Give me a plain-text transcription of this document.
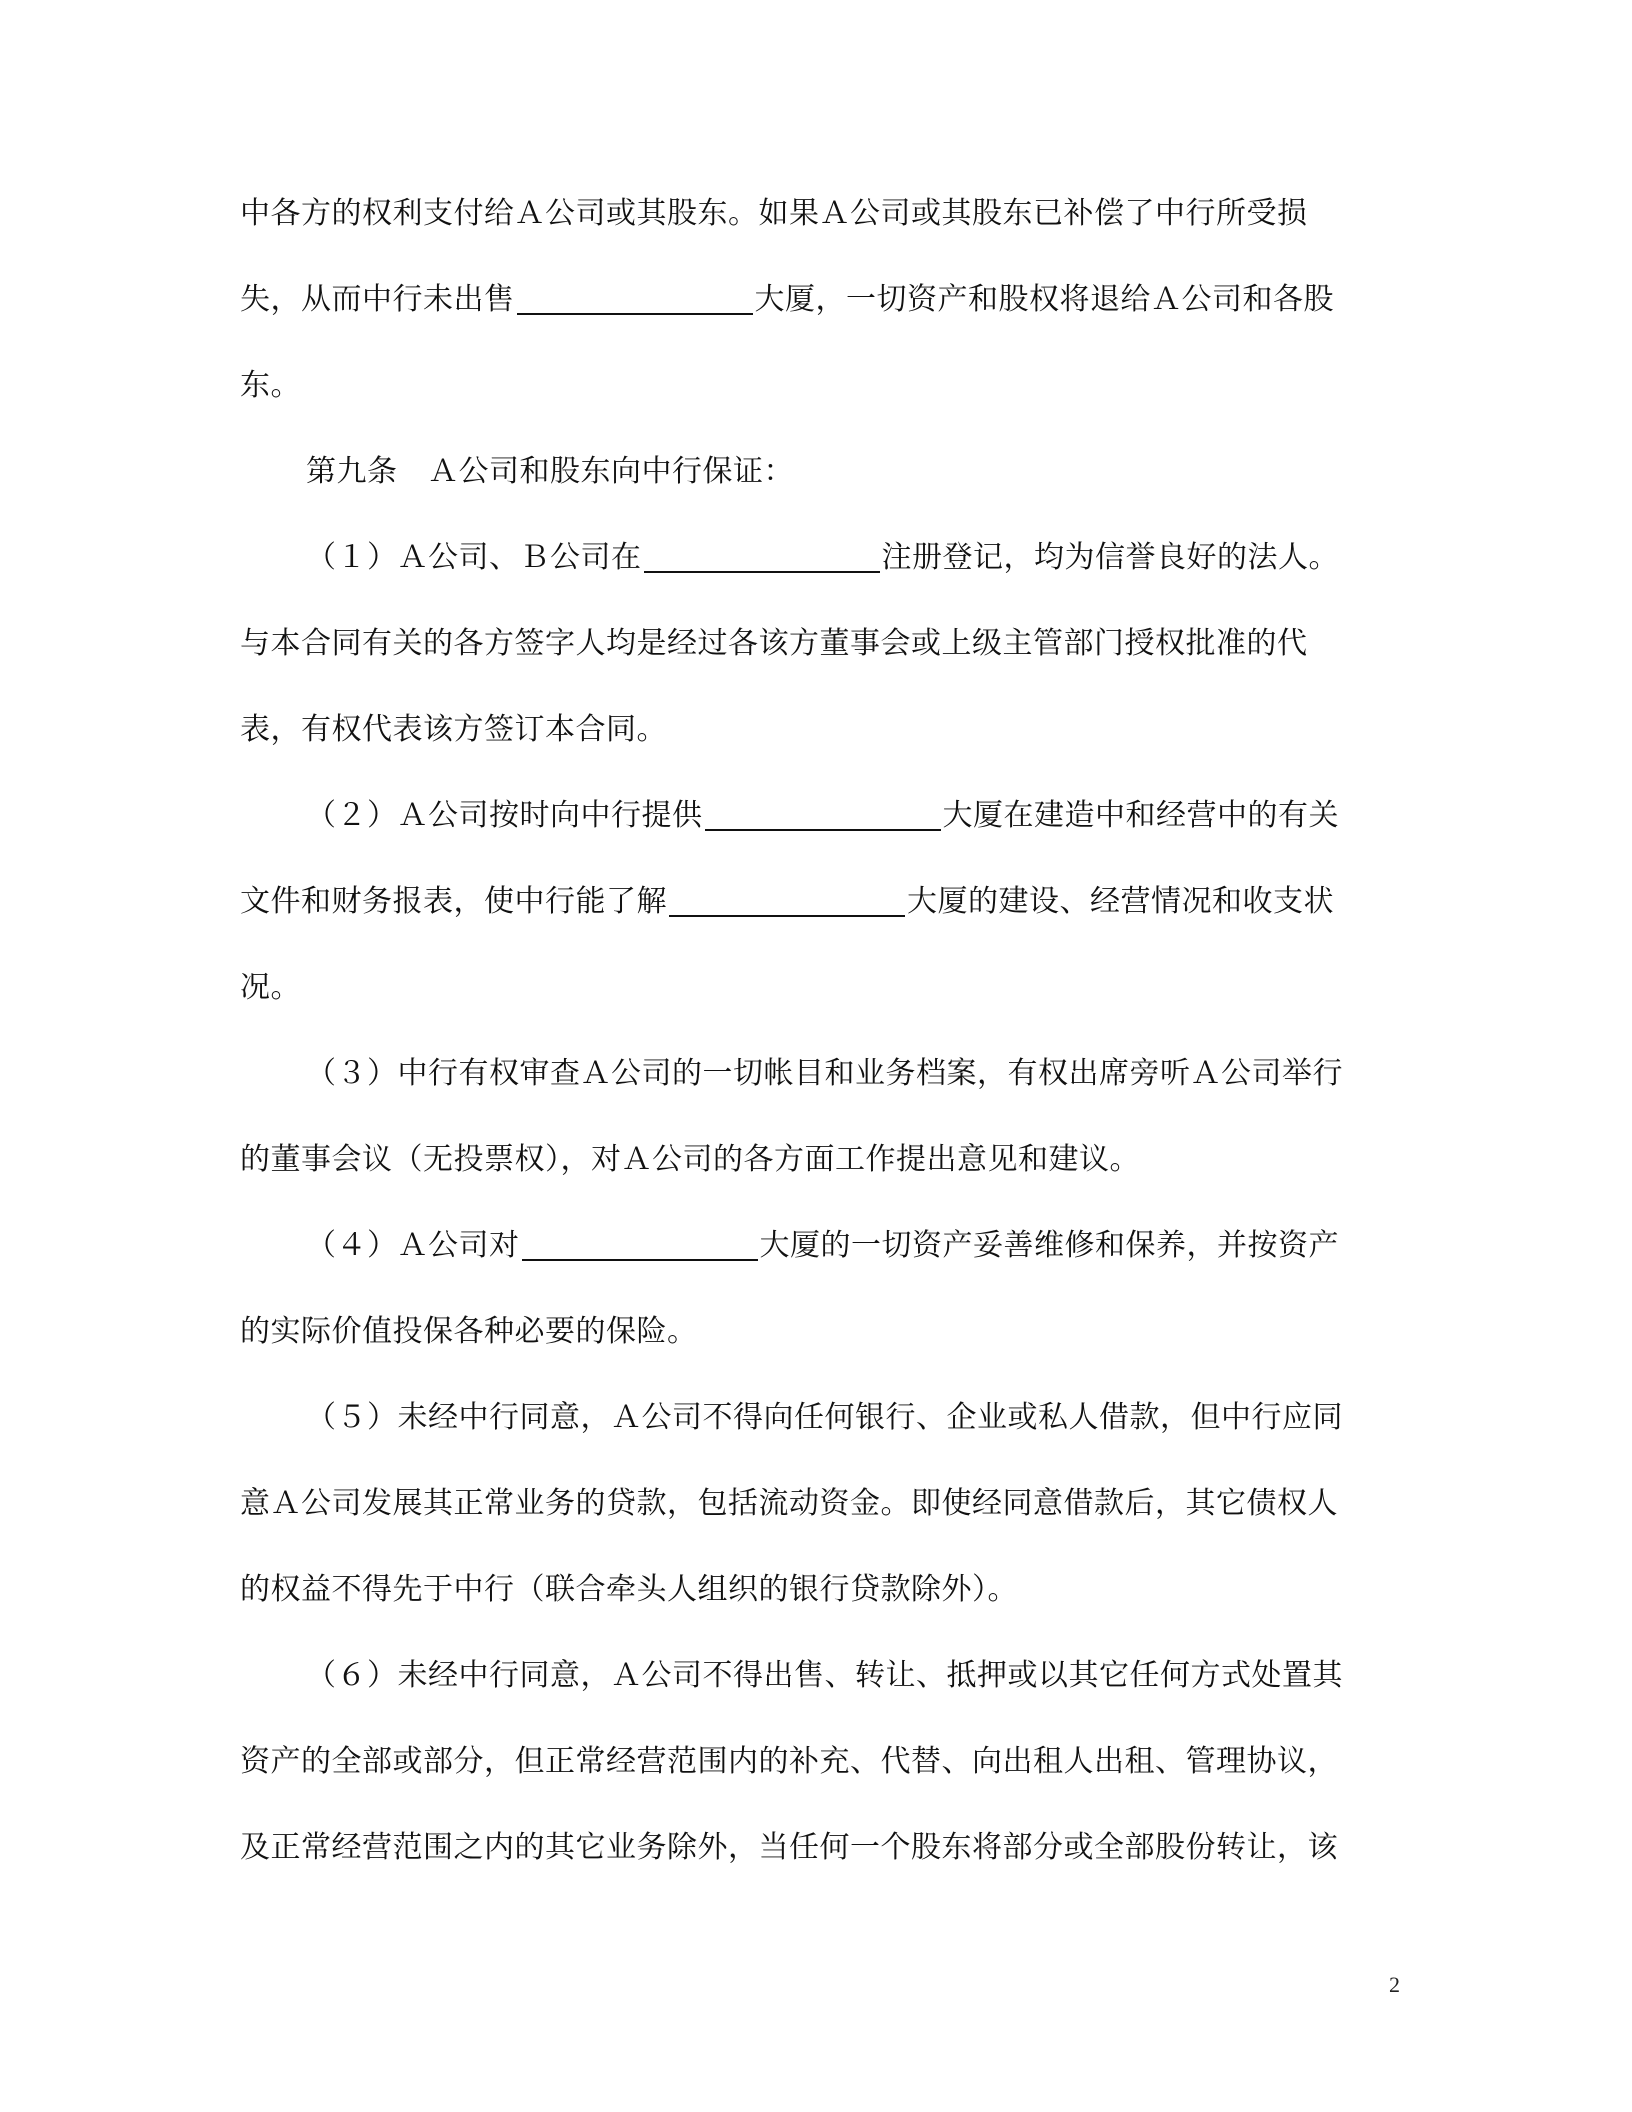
中各方的权利支付给Ａ公司或其股东。如果Ａ公司或其股东已补偿了中行所受损
失，从而中行未出售	大厦，一切资产和股权将退给Ａ公司和各股
东。
第九条　Ａ公司和股东向中行保证：
（１）Ａ公司、Ｂ公司在	注册登记，均为信誉良好的法人。
与本合同有关的各方签字人均是经过各该方董事会或上级主管部门授权批准的代
表，有权代表该方签订本合同。
（２）Ａ公司按时向中行提供	大厦在建造中和经营中的有关
文件和财务报表，使中行能了解	大厦的建设、经营情况和收支状
况。
（３）中行有权审查Ａ公司的一切帐目和业务档案，有权出席旁听Ａ公司举行
的董事会议（无投票权），对Ａ公司的各方面工作提出意见和建议。
（４）Ａ公司对	大厦的一切资产妥善维修和保养，并按资产
的实际价值投保各种必要的保险。
（５）未经中行同意，Ａ公司不得向任何银行、企业或私人借款，但中行应同
意Ａ公司发展其正常业务的贷款，包括流动资金。即使经同意借款后，其它债权人
的权益不得先于中行（联合牵头人组织的银行贷款除外）。
（６）未经中行同意，Ａ公司不得出售、转让、抵押或以其它任何方式处置其
资产的全部或部分，但正常经营范围内的补充、代替、向出租人出租、管理协议，
及正常经营范围之内的其它业务除外，当任何一个股东将部分或全部股份转让，该
2
